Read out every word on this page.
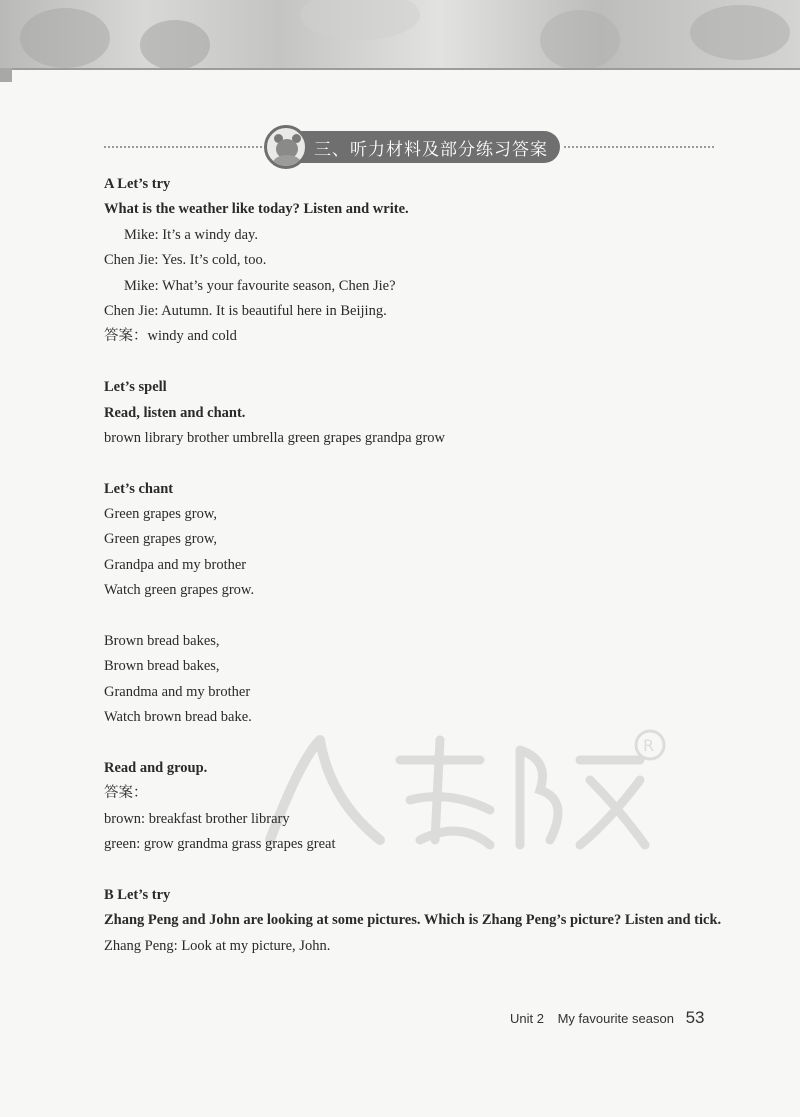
三、听力材料及部分练习答案
A Let’s try
What is the weather like today? Listen and write.
Mike: It’s a windy day.
Chen Jie: Yes. It’s cold, too.
Mike: What’s your favourite season, Chen Jie?
Chen Jie: Autumn. It is beautiful here in Beijing.
答案：windy and cold
Let’s spell
Read, listen and chant.
brown library brother umbrella green grapes grandpa grow
Let’s chant
Green grapes grow,
Green grapes grow,
Grandpa and my brother
Watch green grapes grow.
Brown bread bakes,
Brown bread bakes,
Grandma and my brother
Watch brown bread bake.
Read and group.
答案：
brown: breakfast brother library
green: grow grandma grass grapes great
B Let’s try
Zhang Peng and John are looking at some pictures. Which is Zhang Peng’s picture? Listen and tick.
Zhang Peng: Look at my picture, John.
R
Unit 2 My favourite season 53
